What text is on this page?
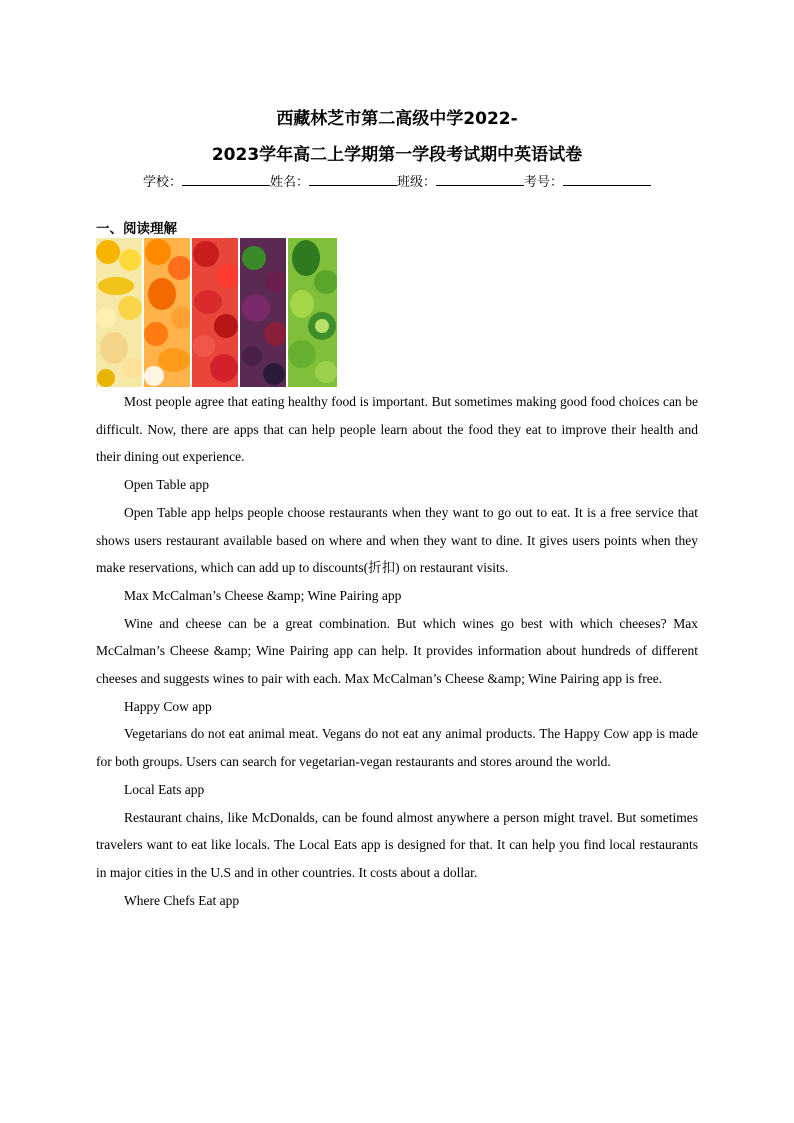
西藏林芝市第二高级中学2022-
2023学年高二上学期第一学段考试期中英语试卷
学校：	姓名：	班级：	考号：
一、阅读理解

Most people agree that eating healthy food is important. But sometimes making good food choices can be difficult. Now, there are apps that can help people learn about the food they eat to improve their health and their dining out experience.

Open Table app

Open Table app helps people choose restaurants when they want to go out to eat. It is a free service that shows users restaurant available based on where and when they want to dine. It gives users points when they make reservations, which can add up to discounts(折扣) on restaurant visits.

Max McCalman’s Cheese &amp; Wine Pairing app

Wine and cheese can be a great combination. But which wines go best with which cheeses? Max McCalman’s Cheese &amp; Wine Pairing app can help. It provides information about hundreds of different cheeses and suggests wines to pair with each. Max McCalman’s Cheese &amp; Wine Pairing app is free.

Happy Cow app

Vegetarians do not eat animal meat. Vegans do not eat any animal products. The Happy Cow app is made for both groups. Users can search for vegetarian-vegan restaurants and stores around the world.

Local Eats app

Restaurant chains, like McDonalds, can be found almost anywhere a person might travel. But sometimes travelers want to eat like locals. The Local Eats app is designed for that. It can help you find local restaurants in major cities in the U.S and in other countries. It costs about a dollar.

Where Chefs Eat app
